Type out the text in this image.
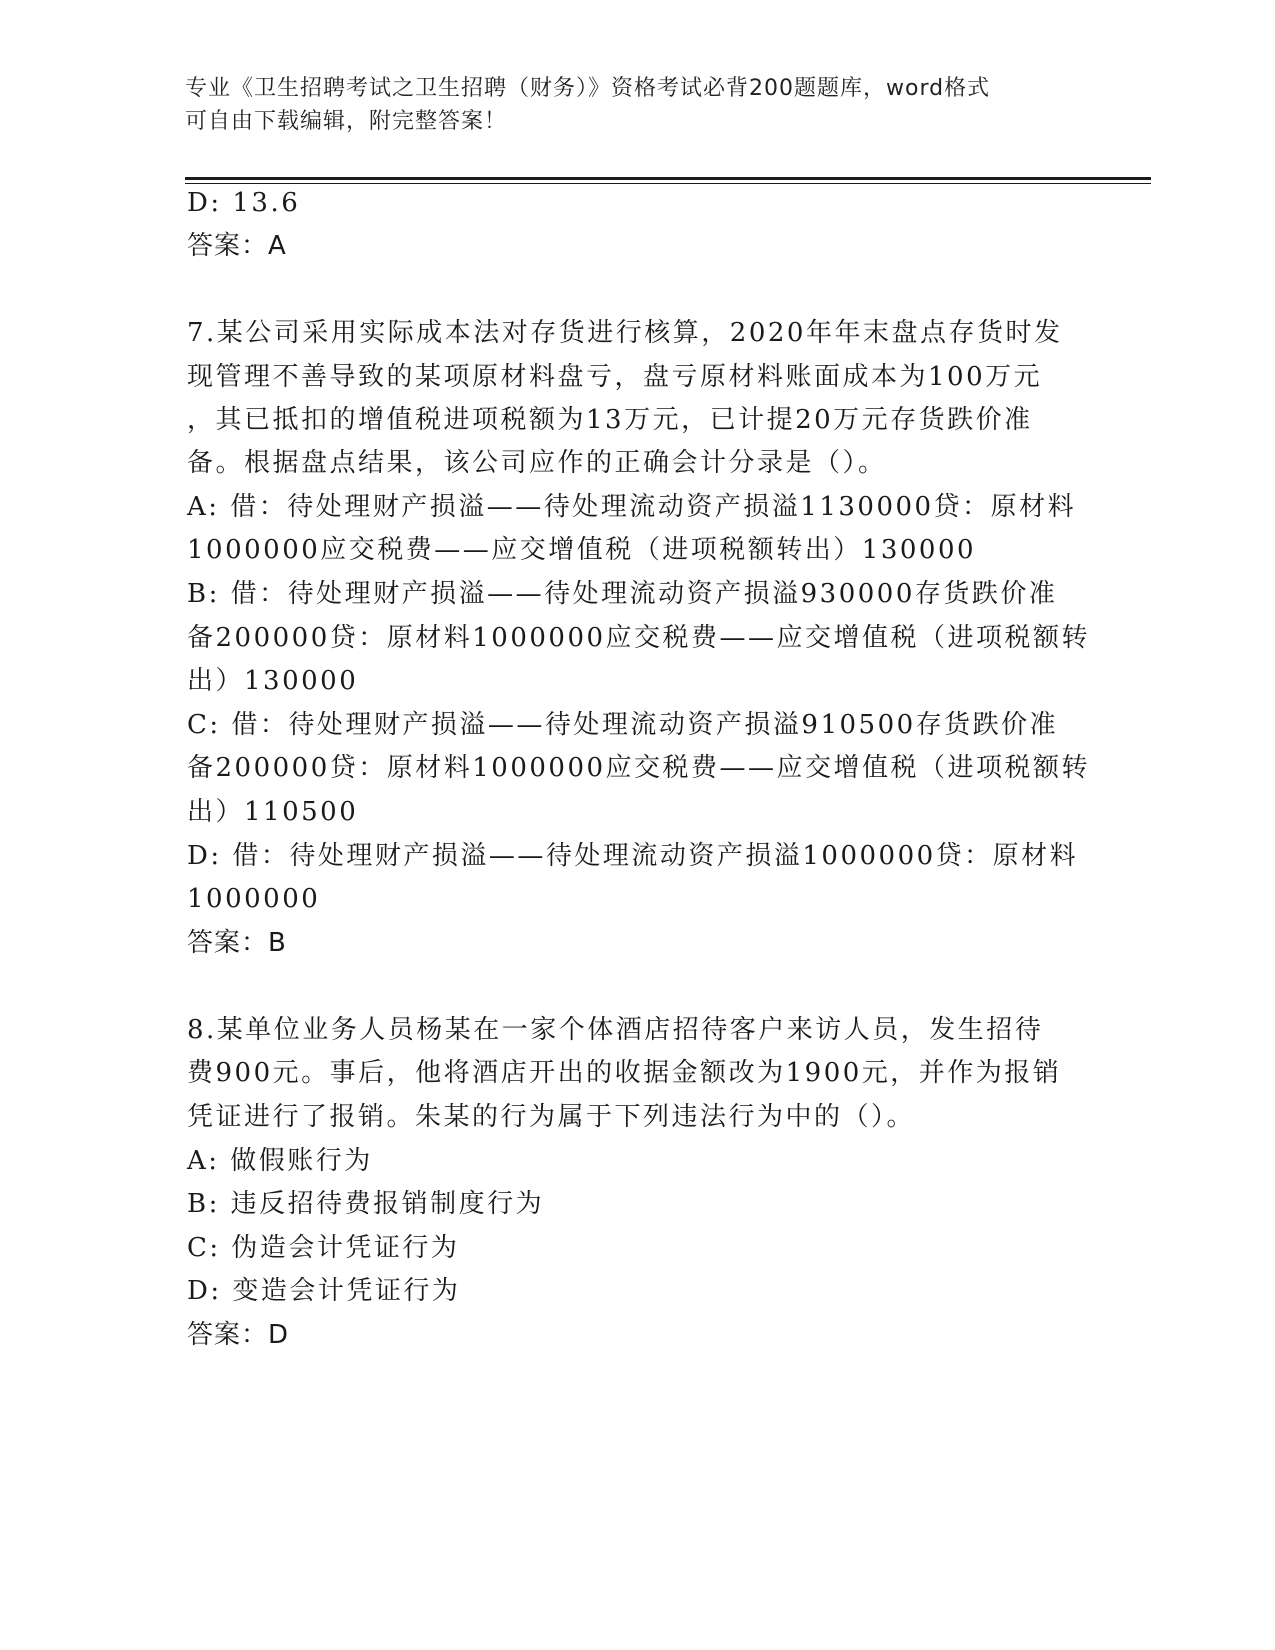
专业《卫生招聘考试之卫生招聘（财务）》资格考试必背200题题库，word格式
可自由下载编辑，附完整答案！
D: 13.6
答案：A
7.某公司采用实际成本法对存货进行核算，2020年年末盘点存货时发
现管理不善导致的某项原材料盘亏，盘亏原材料账面成本为100万元
，其已抵扣的增值税进项税额为13万元，已计提20万元存货跌价准
备。根据盘点结果，该公司应作的正确会计分录是（）。
A: 借：待处理财产损溢——待处理流动资产损溢1130000贷：原材料
1000000应交税费——应交增值税（进项税额转出）130000
B: 借：待处理财产损溢——待处理流动资产损溢930000存货跌价准
备200000贷：原材料1000000应交税费——应交增值税（进项税额转
出）130000
C: 借：待处理财产损溢——待处理流动资产损溢910500存货跌价准
备200000贷：原材料1000000应交税费——应交增值税（进项税额转
出）110500
D: 借：待处理财产损溢——待处理流动资产损溢1000000贷：原材料
1000000
答案：B
8.某单位业务人员杨某在一家个体酒店招待客户来访人员，发生招待
费900元。事后，他将酒店开出的收据金额改为1900元，并作为报销
凭证进行了报销。朱某的行为属于下列违法行为中的（）。
A: 做假账行为
B: 违反招待费报销制度行为
C: 伪造会计凭证行为
D: 变造会计凭证行为
答案：D
